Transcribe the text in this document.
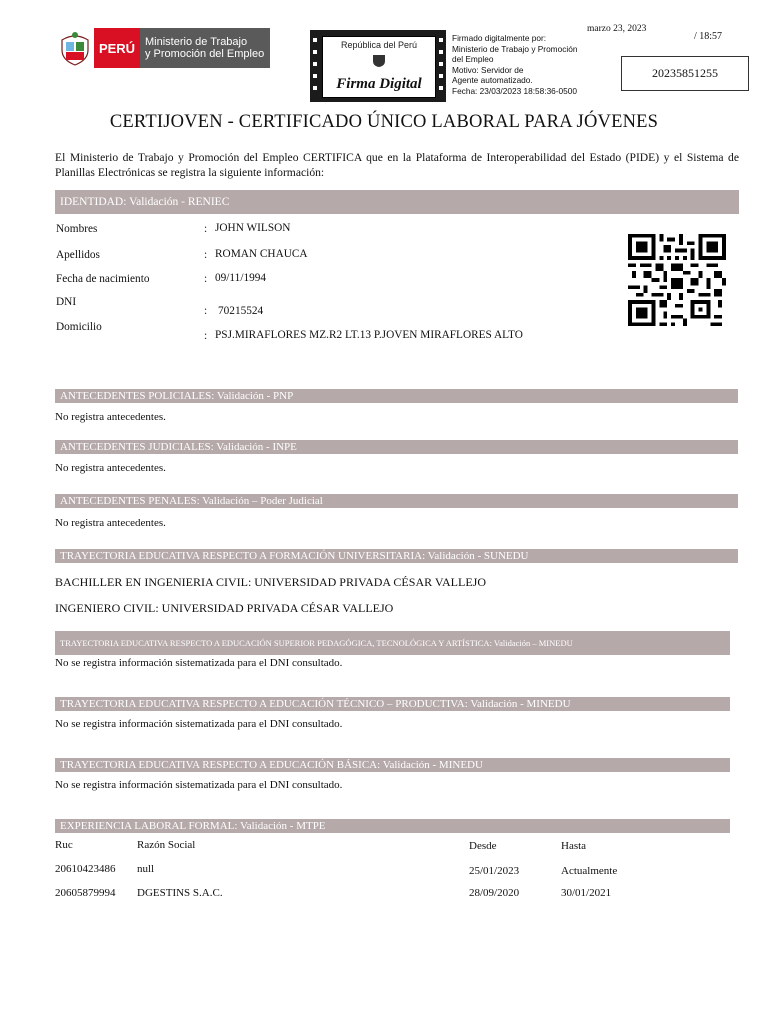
PERÚ Ministerio de Trabajo
y Promoción del Empleo
República del Perú
Firma Digital
Firmado digitalmente por:
Ministerio de Trabajo y Promoción
del Empleo
Motivo: Servidor de
Agente automatizado.
Fecha: 23/03/2023 18:58:36-0500
marzo 23, 2023
/ 18:57
20235851255
CERTIJOVEN - CERTIFICADO ÚNICO LABORAL PARA JÓVENES
El Ministerio de Trabajo y Promoción del Empleo CERTIFICA que en la Plataforma de Interoperabilidad del Estado (PIDE) y el Sistema de Planillas Electrónicas se registra la siguiente información:
IDENTIDAD: Validación - RENIEC
Nombres	: JOHN WILSON
Apellidos	: ROMAN CHAUCA
Fecha de nacimiento	: 09/11/1994
DNI
: 70215524
Domicilio
: PSJ.MIRAFLORES MZ.R2 LT.13 P.JOVEN MIRAFLORES ALTO
ANTECEDENTES POLICIALES: Validación - PNP
No registra antecedentes.
ANTECEDENTES JUDICIALES: Validación - INPE
No registra antecedentes.
ANTECEDENTES PENALES: Validación – Poder Judicial
No registra antecedentes.
TRAYECTORIA EDUCATIVA RESPECTO A FORMACIÓN UNIVERSITARIA: Validación - SUNEDU
BACHILLER EN INGENIERIA CIVIL: UNIVERSIDAD PRIVADA CÉSAR VALLEJO
INGENIERO CIVIL: UNIVERSIDAD PRIVADA CÉSAR VALLEJO
TRAYECTORIA EDUCATIVA RESPECTO A EDUCACIÓN SUPERIOR PEDAGÓGICA, TECNOLÓGICA Y ARTÍSTICA: Validación – MINEDU
No se registra información sistematizada para el DNI consultado.
TRAYECTORIA EDUCATIVA RESPECTO A EDUCACIÓN TÉCNICO – PRODUCTIVA: Validación - MINEDU
No se registra información sistematizada para el DNI consultado.
TRAYECTORIA EDUCATIVA RESPECTO A EDUCACIÓN BÁSICA: Validación - MINEDU
No se registra información sistematizada para el DNI consultado.
EXPERIENCIA LABORAL FORMAL: Validación - MTPE
Ruc	Razón Social	Desde	Hasta
20610423486 null	25/01/2023	Actualmente
20605879994 DGESTINS S.A.C.	28/09/2020	30/01/2021
